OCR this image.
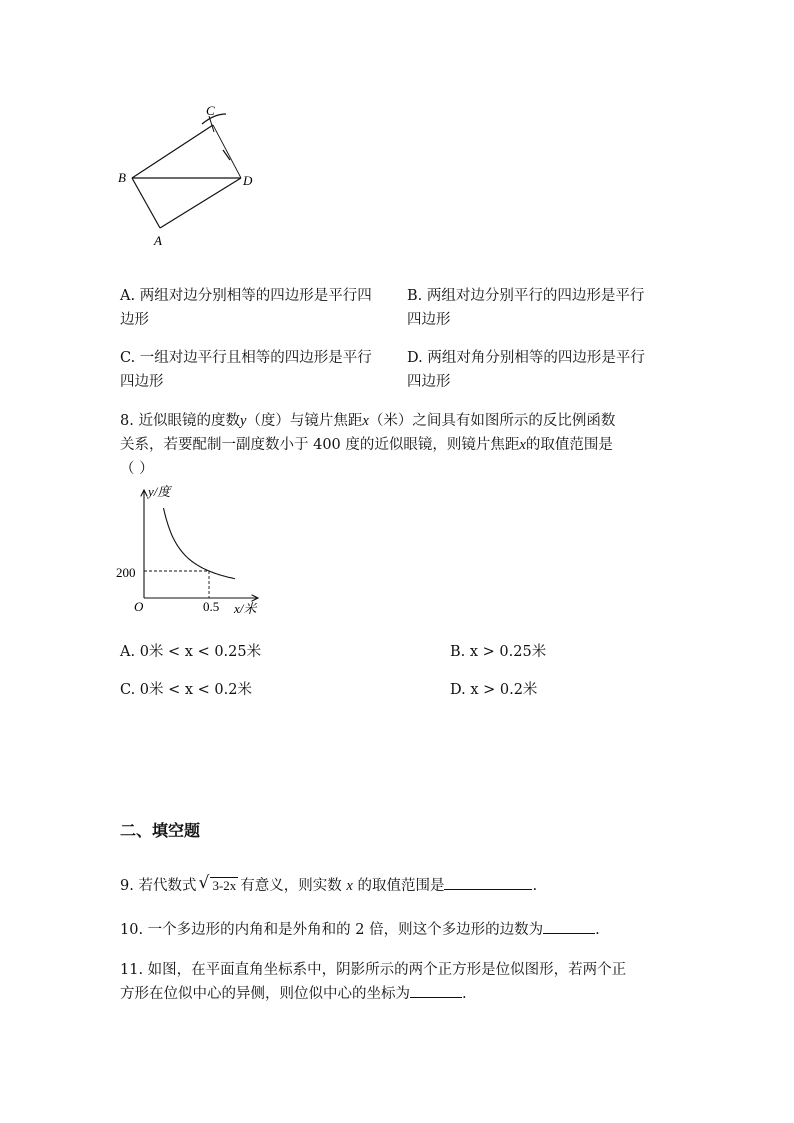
C
B	D
A
A. 两组对边分别相等的四边形是平行四
边形
B. 两组对边分别平行的四边形是平行
四边形
C. 一组对边平行且相等的四边形是平行
四边形
D. 两组对角分别相等的四边形是平行
四边形
8. 近似眼镜的度数y（度）与镜片焦距x（米）之间具有如图所示的反比例函数
关系，若要配制一副度数小于 400 度的近似眼镜，则镜片焦距x的取值范围是
（ ）
y/度
x/米
O
200
0.5
A. 0米 < x < 0.25米	B. x > 0.25米
C. 0米 < x < 0.2米	D. x > 0.2米
二、填空题
9. 若代数式 √ 3-2x 有意义，则实数 x 的取值范围是	.
10. 一个多边形的内角和是外角和的 2 倍，则这个多边形的边数为	.
11. 如图，在平面直角坐标系中，阴影所示的两个正方形是位似图形，若两个正
方形在位似中心的异侧，则位似中心的坐标为	.
